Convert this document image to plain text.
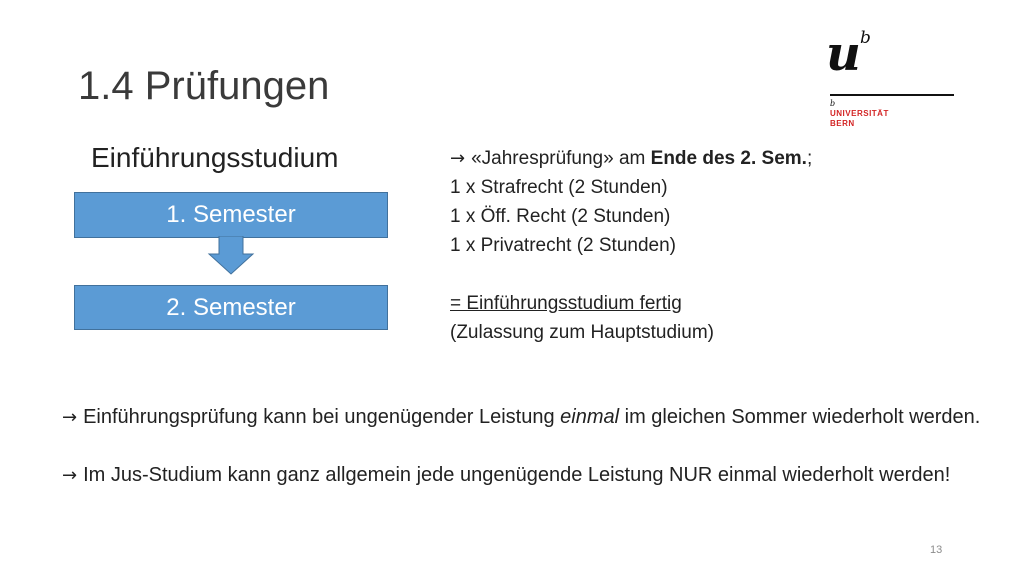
1.4 Prüfungen
u b
b
UNIVERSITÄT
BERN
Einführungsstudium
1. Semester
2. Semester
→ «Jahresprüfung» am Ende des 2. Sem.;
1 x Strafrecht (2 Stunden)
1 x Öff. Recht (2 Stunden)
1 x Privatrecht (2 Stunden)
= Einführungsstudium fertig
(Zulassung zum Hauptstudium)
→ Einführungsprüfung kann bei ungenügender Leistung einmal im gleichen Sommer wiederholt werden.
→ Im Jus-Studium kann ganz allgemein jede ungenügende Leistung NUR einmal wiederholt werden!
13
